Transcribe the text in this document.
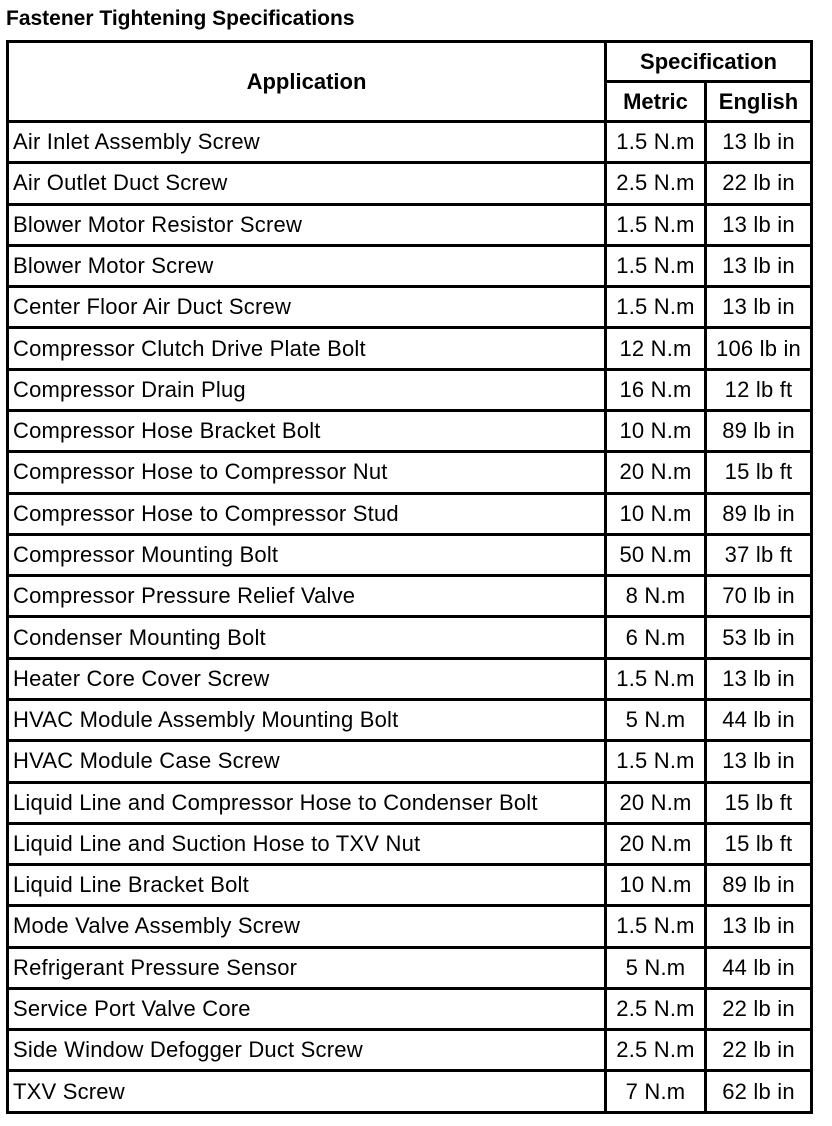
Fastener Tightening Specifications
Application	Specification	
	Metric	English
Air Inlet Assembly Screw	1.5 N.m	13 lb in
Air Outlet Duct Screw	2.5 N.m	22 lb in
Blower Motor Resistor Screw	1.5 N.m	13 lb in
Blower Motor Screw	1.5 N.m	13 lb in
Center Floor Air Duct Screw	1.5 N.m	13 lb in
Compressor Clutch Drive Plate Bolt	12 N.m	106 lb in
Compressor Drain Plug	16 N.m	12 lb ft
Compressor Hose Bracket Bolt	10 N.m	89 lb in
Compressor Hose to Compressor Nut	20 N.m	15 lb ft
Compressor Hose to Compressor Stud	10 N.m	89 lb in
Compressor Mounting Bolt	50 N.m	37 lb ft
Compressor Pressure Relief Valve	8 N.m	70 lb in
Condenser Mounting Bolt	6 N.m	53 lb in
Heater Core Cover Screw	1.5 N.m	13 lb in
HVAC Module Assembly Mounting Bolt	5 N.m	44 lb in
HVAC Module Case Screw	1.5 N.m	13 lb in
Liquid Line and Compressor Hose to Condenser Bolt	20 N.m	15 lb ft
Liquid Line and Suction Hose to TXV Nut	20 N.m	15 lb ft
Liquid Line Bracket Bolt	10 N.m	89 lb in
Mode Valve Assembly Screw	1.5 N.m	13 lb in
Refrigerant Pressure Sensor	5 N.m	44 lb in
Service Port Valve Core	2.5 N.m	22 lb in
Side Window Defogger Duct Screw	2.5 N.m	22 lb in
TXV Screw	7 N.m	62 lb in
